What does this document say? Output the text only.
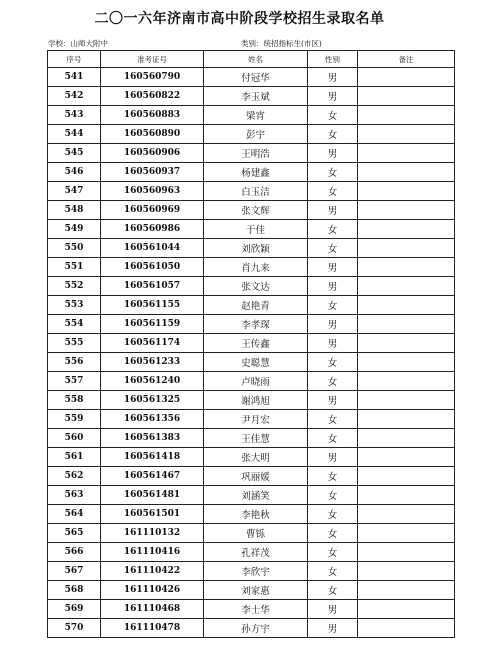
二〇一六年济南市高中阶段学校招生录取名单
学校：山师大附中	类别：统招指标生(市区)
序号	准考证号	姓名	性别	备注
541	160560790	付冠华	男	
542	160560822	李玉斌	男	
543	160560883	梁宵	女	
544	160560890	彭宇	女	
545	160560906	王明浩	男	
546	160560937	杨建鑫	女	
547	160560963	白玉洁	女	
548	160560969	张文辉	男	
549	160560986	于佳	女	
550	160561044	刘欣颖	女	
551	160561050	肖九来	男	
552	160561057	张文达	男	
553	160561155	赵艳青	女	
554	160561159	李孝琛	男	
555	160561174	王传鑫	男	
556	160561233	史聪慧	女	
557	160561240	卢晓雨	女	
558	160561325	谢鸿旭	男	
559	160561356	尹月宏	女	
560	160561383	王佳慧	女	
561	160561418	张大明	男	
562	160561467	巩丽媛	女	
563	160561481	刘涵笑	女	
564	160561501	李艳秋	女	
565	161110132	曹铄	女	
566	161110416	孔祥茂	女	
567	161110422	李欣宇	女	
568	161110426	刘家惠	女	
569	161110468	李士华	男	
570	161110478	孙方宇	男	
